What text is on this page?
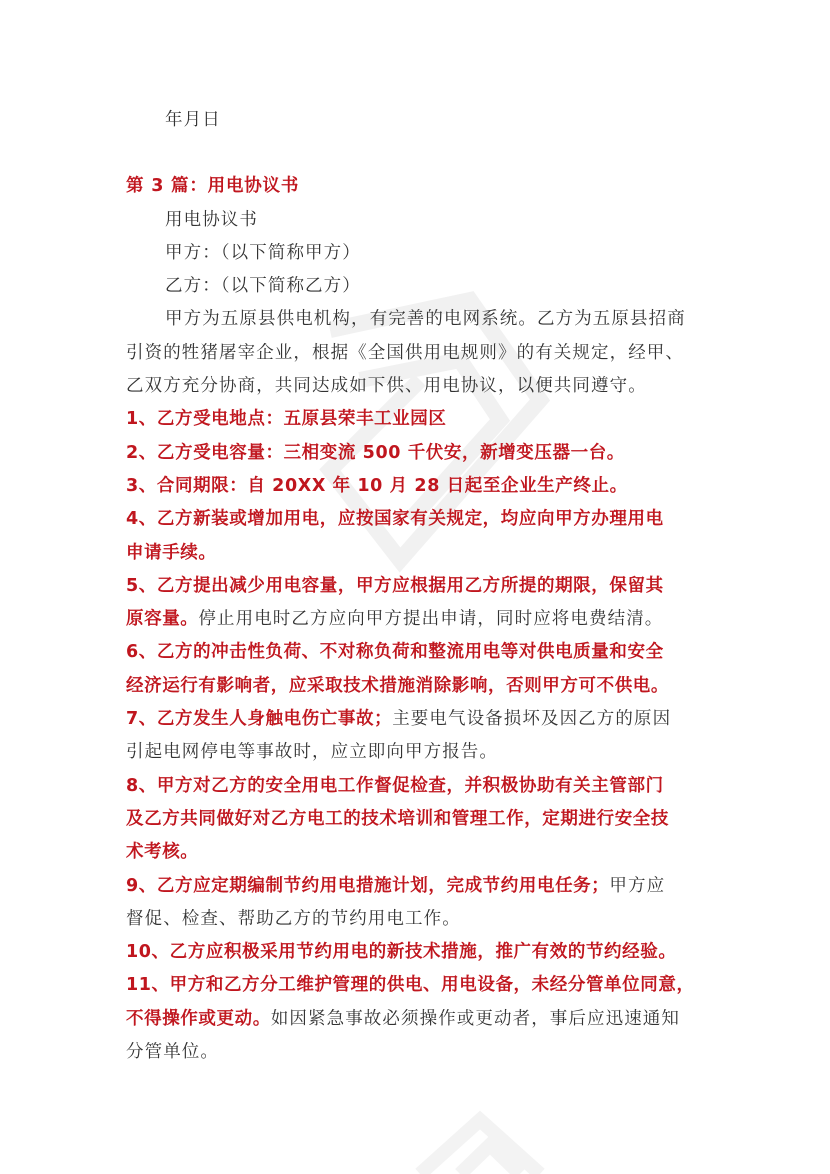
年月日

第 3 篇：用电协议书

用电协议书

甲方：（以下简称甲方）

乙方：（以下简称乙方）

甲方为五原县供电机构，有完善的电网系统。乙方为五原县招商

引资的牲猪屠宰企业，根据《全国供用电规则》的有关规定，经甲、

乙双方充分协商，共同达成如下供、用电协议，以便共同遵守。

1、乙方受电地点：五原县荣丰工业园区

2、乙方受电容量：三相变流 500 千伏安，新增变压器一台。

3、合同期限：自 20XX 年 10 月 28 日起至企业生产终止。

4、乙方新装或增加用电，应按国家有关规定，均应向甲方办理用电

申请手续。

5、乙方提出减少用电容量，甲方应根据用乙方所提的期限，保留其

原容量。停止用电时乙方应向甲方提出申请，同时应将电费结清。

6、乙方的冲击性负荷、不对称负荷和整流用电等对供电质量和安全

经济运行有影响者，应采取技术措施消除影响，否则甲方可不供电。

7、乙方发生人身触电伤亡事故；主要电气设备损坏及因乙方的原因

引起电网停电等事故时，应立即向甲方报告。

8、甲方对乙方的安全用电工作督促检查，并积极协助有关主管部门

及乙方共同做好对乙方电工的技术培训和管理工作，定期进行安全技

术考核。

9、乙方应定期编制节约用电措施计划，完成节约用电任务；甲方应

督促、检查、帮助乙方的节约用电工作。

10、乙方应积极采用节约用电的新技术措施，推广有效的节约经验。

11、甲方和乙方分工维护管理的供电、用电设备，未经分管单位同意，

不得操作或更动。如因紧急事故必须操作或更动者，事后应迅速通知

分管单位。
